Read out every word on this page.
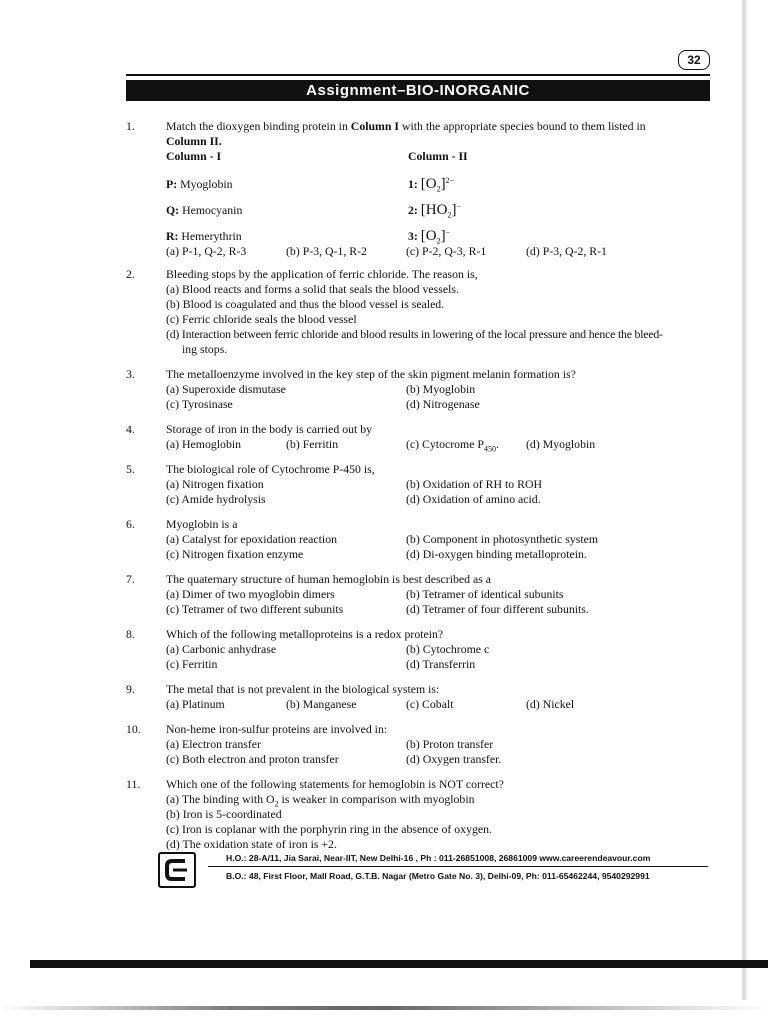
32
Assignment–BIO-INORGANIC
1.	Match the dioxygen binding protein in Column I with the appropriate species bound to them listed in
Column II.
Column - I	Column - II
P: Myoglobin	1: $[O_2]^{2-}$
Q: Hemocyanin	2: $[HO_2]^-$
R: Hemerythrin	3: $[O_2]^-$
(a) P-1, Q-2, R-3	(b) P-3, Q-1, R-2	(c) P-2, Q-3, R-1	(d) P-3, Q-2, R-1
2.	Bleeding stops by the application of ferric chloride. The reason is,
(a) Blood reacts and forms a solid that seals the blood vessels.
(b) Blood is coagulated and thus the blood vessel is sealed.
(c) Ferric chloride seals the blood vessel
(d) Interaction between ferric chloride and blood results in lowering of the local pressure and hence the bleed-
ing stops.
3.	The metalloenzyme involved in the key step of the skin pigment melanin formation is?
(a) Superoxide dismutase	(b) Myoglobin
(c) Tyrosinase	(d) Nitrogenase
4.	Storage of iron in the body is carried out by
(a) Hemoglobin	(b) Ferritin	(c) Cytocrome $P_{450}$.	(d) Myoglobin
5.	The biological role of Cytochrome P-450 is,
(a) Nitrogen fixation	(b) Oxidation of RH to ROH
(c) Amide hydrolysis	(d) Oxidation of amino acid.
6.	Myoglobin is a
(a) Catalyst for epoxidation reaction	(b) Component in photosynthetic system
(c) Nitrogen fixation enzyme	(d) Di-oxygen binding metalloprotein.
7.	The quaternary structure of human hemoglobin is best described as a
(a) Dimer of two myoglobin dimers	(b) Tetramer of identical subunits
(c) Tetramer of two different subunits	(d) Tetramer of four different subunits.
8.	Which of the following metalloproteins is a redox protein?
(a) Carbonic anhydrase	(b) Cytochrome c
(c) Ferritin	(d) Transferrin
9.	The metal that is not prevalent in the biological system is:
(a) Platinum	(b) Manganese	(c) Cobalt	(d) Nickel
10.	Non-heme iron-sulfur proteins are involved in:
(a) Electron transfer	(b) Proton transfer
(c) Both electron and proton transfer	(d) Oxygen transfer.
11.	Which one of the following statements for hemoglobin is NOT correct?
(a) The binding with $O_2$ is weaker in comparison with myoglobin
(b) Iron is 5-coordinated
(c) Iron is coplanar with the porphyrin ring in the absence of oxygen.
(d) The oxidation state of iron is +2.
H.O.: 28-A/11, Jia Sarai, Near-IIT, New Delhi-16 , Ph : 011-26851008, 26861009 www.careerendeavour.com
B.O.: 48, First Floor, Mall Road, G.T.B. Nagar (Metro Gate No. 3), Delhi-09, Ph: 011-65462244, 9540292991
